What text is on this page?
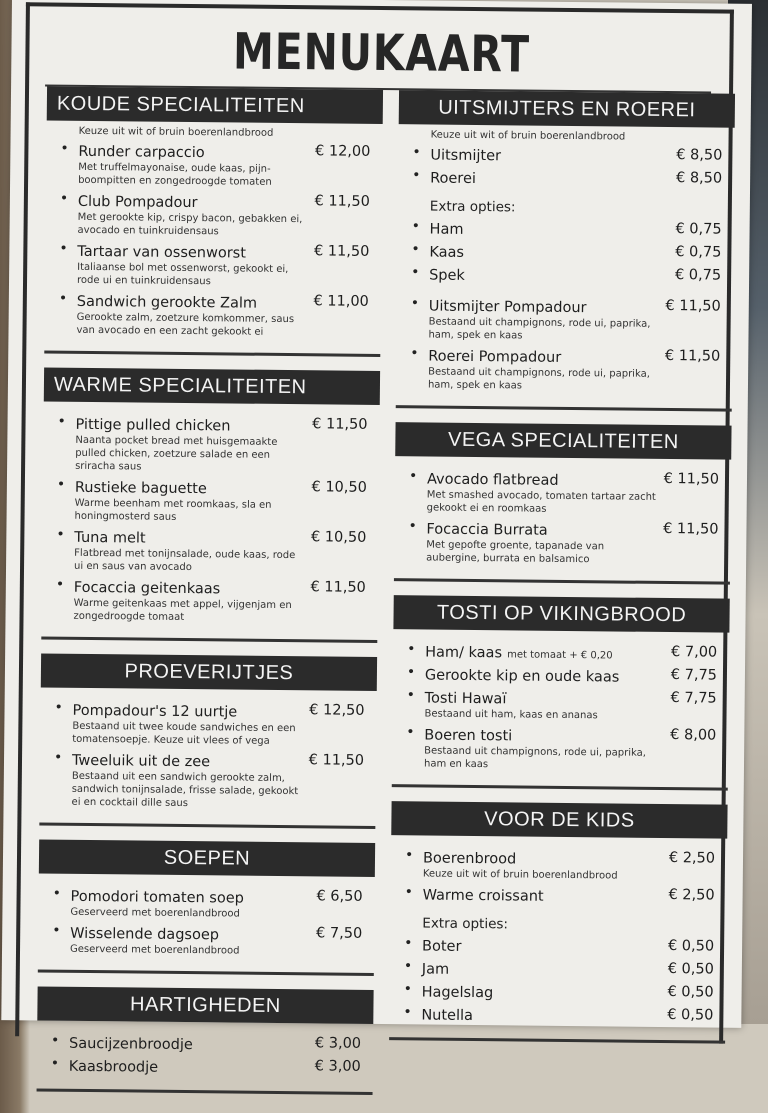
MENUKAART
KOUDE SPECIALITEITEN
Keuze uit wit of bruin boerenlandbrood
• Runder carpaccio	€ 12,00
Met truffelmayonaise, oude kaas, pijn-boompitten en zongedroogde tomaten
• Club Pompadour	€ 11,50
Met gerookte kip, crispy bacon, gebakken ei, avocado en tuinkruidensaus
• Tartaar van ossenworst	€ 11,50
Italiaanse bol met ossenworst, gekookt ei, rode ui en tuinkruidensaus
• Sandwich gerookte Zalm	€ 11,00
Gerookte zalm, zoetzure komkommer, saus van avocado en een zacht gekookt ei
WARME SPECIALITEITEN
• Pittige pulled chicken	€ 11,50
Naanta pocket bread met huisgemaakte pulled chicken, zoetzure salade en een sriracha saus
• Rustieke baguette	€ 10,50
Warme beenham met roomkaas, sla en honingmosterd saus
• Tuna melt	€ 10,50
Flatbread met tonijnsalade, oude kaas, rode ui en saus van avocado
• Focaccia geitenkaas	€ 11,50
Warme geitenkaas met appel, vijgenjam en zongedroogde tomaat
PROEVERIJTJES
• Pompadour's 12 uurtje	€ 12,50
Bestaand uit twee koude sandwiches en een tomatensoepje. Keuze uit vlees of vega
• Tweeluik uit de zee	€ 11,50
Bestaand uit een sandwich gerookte zalm, sandwich tonijnsalade, frisse salade, gekookt ei en cocktail dille saus
SOEPEN
• Pomodori tomaten soep	€ 6,50
Geserveerd met boerenlandbrood
• Wisselende dagsoep	€ 7,50
Geserveerd met boerenlandbrood
HARTIGHEDEN
• Saucijzenbroodje	€ 3,00
• Kaasbroodje	€ 3,00
UITSMIJTERS EN ROEREI
Keuze uit wit of bruin boerenlandbrood
• Uitsmijter	€ 8,50
• Roerei	€ 8,50
Extra opties:
• Ham	€ 0,75
• Kaas	€ 0,75
• Spek	€ 0,75
• Uitsmijter Pompadour	€ 11,50
Bestaand uit champignons, rode ui, paprika, ham, spek en kaas
• Roerei Pompadour	€ 11,50
Bestaand uit champignons, rode ui, paprika, ham, spek en kaas
VEGA SPECIALITEITEN
• Avocado flatbread	€ 11,50
Met smashed avocado, tomaten tartaar zacht gekookt ei en roomkaas
• Focaccia Burrata	€ 11,50
Met gepofte groente, tapanade van aubergine, burrata en balsamico
TOSTI OP VIKINGBROOD
• Ham/ kaas met tomaat + € 0,20	€ 7,00
• Gerookte kip en oude kaas	€ 7,75
• Tosti Hawaï	€ 7,75
Bestaand uit ham, kaas en ananas
• Boeren tosti	€ 8,00
Bestaand uit champignons, rode ui, paprika, ham en kaas
VOOR DE KIDS
• Boerenbrood	€ 2,50
Keuze uit wit of bruin boerenlandbrood
• Warme croissant	€ 2,50
Extra opties:
• Boter	€ 0,50
• Jam	€ 0,50
• Hagelslag	€ 0,50
• Nutella	€ 0,50
